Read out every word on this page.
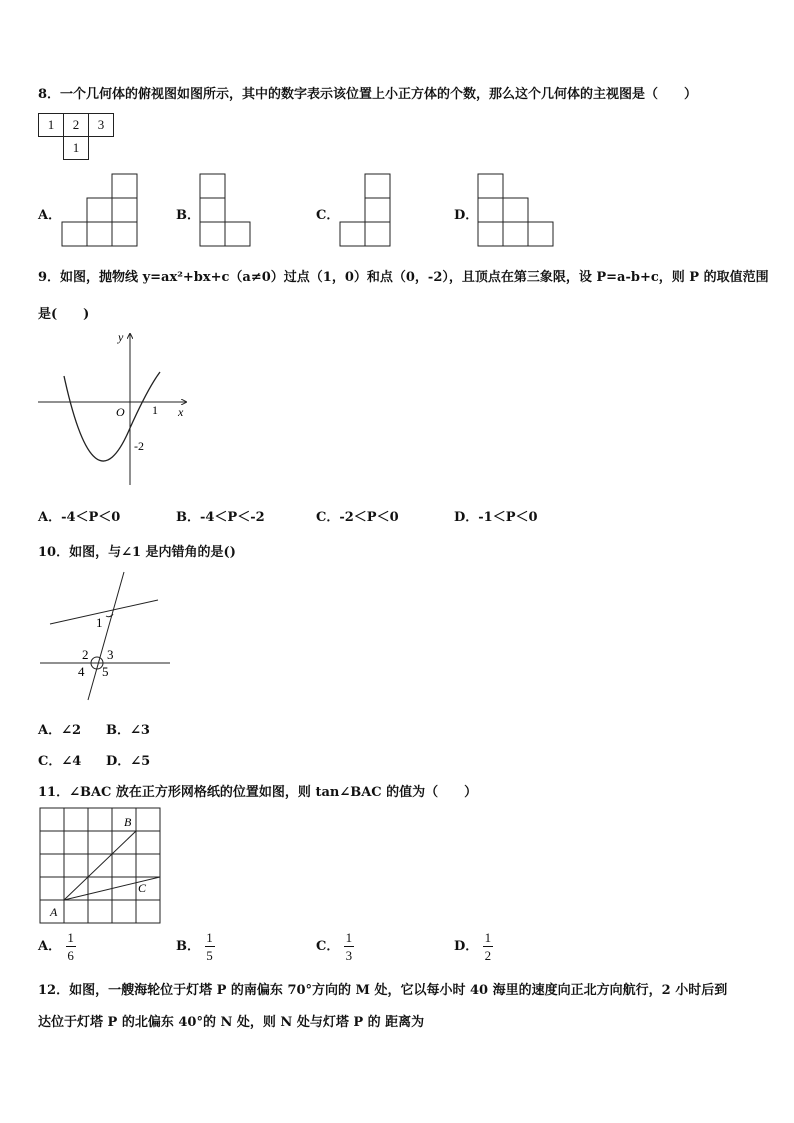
8．一个几何体的俯视图如图所示，其中的数字表示该位置上小正方体的个数，那么这个几何体的主视图是（　　）
1	2	3
	1	
A．	B．	C．	D．
9．如图，抛物线 y=ax²+bx+c（a≠0）过点（1，0）和点（0，-2），且顶点在第三象限，设 P=a-b+c，则 P 的取值范围
是(　　)
y
x
O 1
-2
A．-4＜P＜0	B．-4＜P＜-2	C．-2＜P＜0	D．-1＜P＜0
10．如图，与∠1 是内错角的是()
1
2 3
4 5
A．∠2 B．∠3
C．∠4 D．∠5
11．∠BAC 放在正方形网格纸的位置如图，则 tan∠BAC 的值为（　　）
A
B
C
A． $\frac{1}{6}$	B． $\frac{1}{5}$	C． $\frac{1}{3}$	D． $\frac{1}{2}$
12．如图，一艘海轮位于灯塔 P 的南偏东 70°方向的 M 处，它以每小时 40 海里的速度向正北方向航行，2 小时后到
达位于灯塔 P 的北偏东 40°的 N 处，则 N 处与灯塔 P 的 距离为
